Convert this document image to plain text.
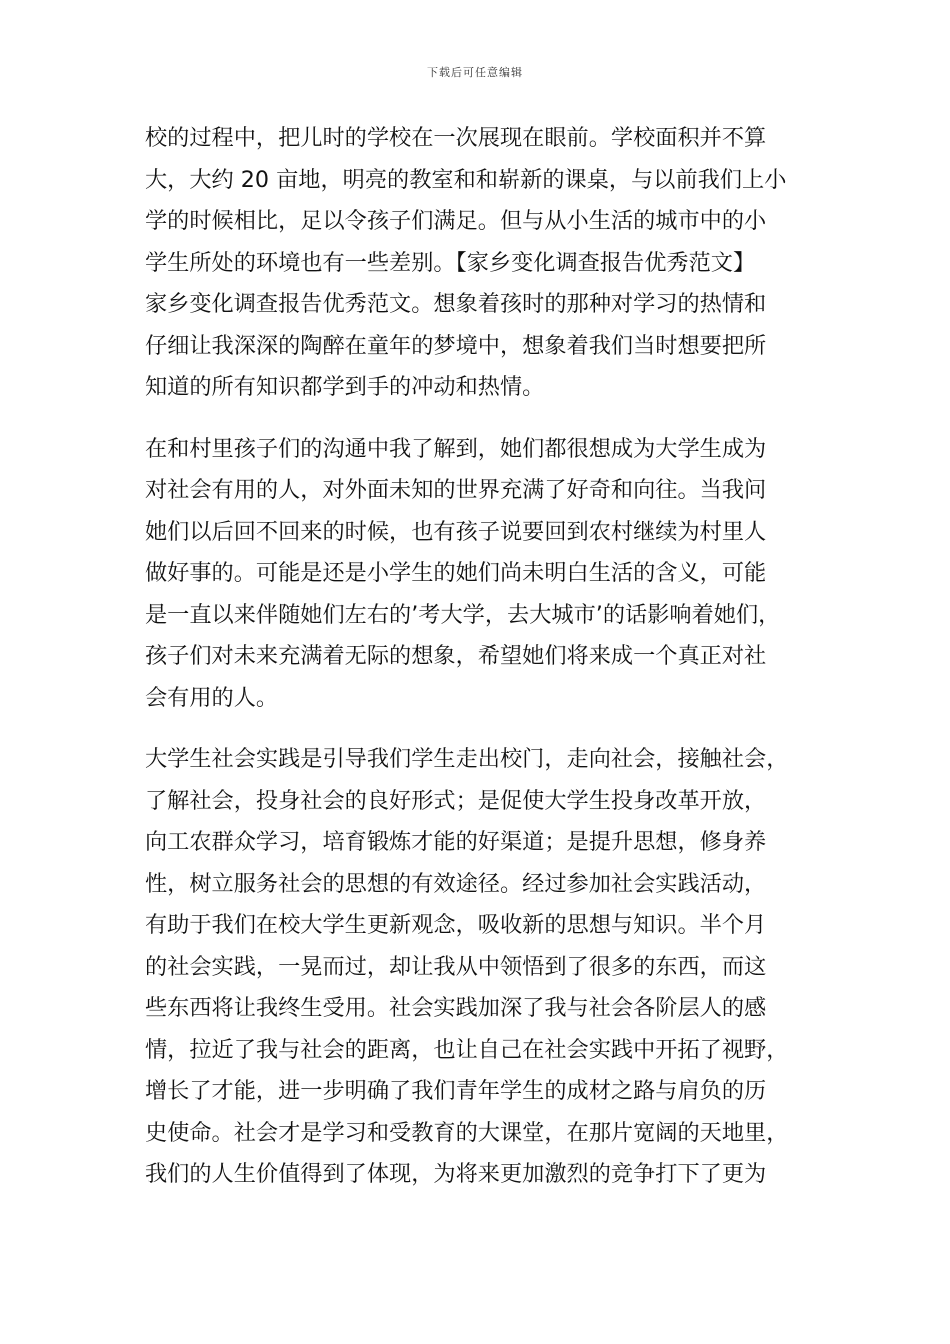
下载后可任意编辑
校的过程中，把儿时的学校在一次展现在眼前。学校面积并不算
大，大约 20 亩地，明亮的教室和和崭新的课桌，与以前我们上小
学的时候相比，足以令孩子们满足。但与从小生活的城市中的小
学生所处的环境也有一些差别。【家乡变化调查报告优秀范文】
家乡变化调查报告优秀范文。想象着孩时的那种对学习的热情和
仔细让我深深的陶醉在童年的梦境中，想象着我们当时想要把所
知道的所有知识都学到手的冲动和热情。
在和村里孩子们的沟通中我了解到，她们都很想成为大学生成为
对社会有用的人，对外面未知的世界充满了好奇和向往。当我问
她们以后回不回来的时候，也有孩子说要回到农村继续为村里人
做好事的。可能是还是小学生的她们尚未明白生活的含义，可能
是一直以来伴随她们左右的’考大学，去大城市’的话影响着她们，
孩子们对未来充满着无际的想象，希望她们将来成一个真正对社
会有用的人。
大学生社会实践是引导我们学生走出校门，走向社会，接触社会，
了解社会，投身社会的良好形式；是促使大学生投身改革开放，
向工农群众学习，培育锻炼才能的好渠道；是提升思想，修身养
性，树立服务社会的思想的有效途径。经过参加社会实践活动，
有助于我们在校大学生更新观念，吸收新的思想与知识。半个月
的社会实践，一晃而过，却让我从中领悟到了很多的东西，而这
些东西将让我终生受用。社会实践加深了我与社会各阶层人的感
情，拉近了我与社会的距离，也让自己在社会实践中开拓了视野，
增长了才能，进一步明确了我们青年学生的成材之路与肩负的历
史使命。社会才是学习和受教育的大课堂，在那片宽阔的天地里，
我们的人生价值得到了体现，为将来更加激烈的竞争打下了更为
